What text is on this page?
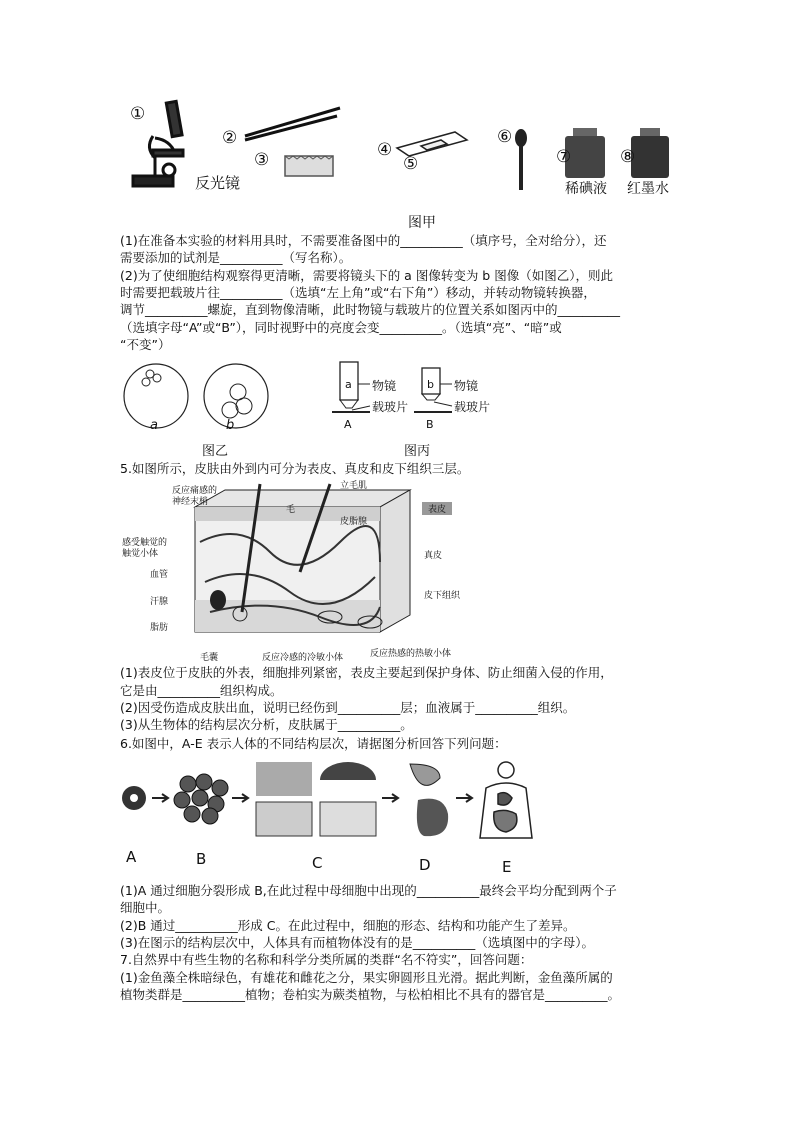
①
②
③	④
⑤
⑥
⑦	⑧
反光镜	稀碘液 红墨水
图甲
(1)在准备本实验的材料用具时，不需要准备图中的__________（填序号，全对给分），还
需要添加的试剂是__________（写名称）。
(2)为了使细胞结构观察得更清晰，需要将镜头下的 a 图像转变为 b 图像（如图乙），则此
时需要把载玻片往__________（选填“左上角”或“右下角”）移动，并转动物镜转换器，
调节__________螺旋，直到物像清晰，此时物镜与载玻片的位置关系如图丙中的__________
（选填字母“A”或“B”），同时视野中的亮度会变__________。（选填“亮”、“暗”或
“不变”）
a	b
图乙
a	b
物镜
载玻片
物镜
载玻片
A	B
图丙
5.如图所示，皮肤由外到内可分为表皮、真皮和皮下组织三层。
反应痛感的神经末梢
立毛肌
毛
皮脂腺
表皮
感受触觉的触觉小体
血管
汗腺
脂肪
真皮
皮下组织
毛囊	反应冷感的冷敏小体	反应热感的热敏小体
(1)表皮位于皮肤的外表，细胞排列紧密，表皮主要起到保护身体、防止细菌入侵的作用，
它是由__________组织构成。
(2)因受伤造成皮肤出血，说明已经伤到__________层；血液属于__________组织。
(3)从生物体的结构层次分析，皮肤属于__________。
6.如图中，A-E 表示人体的不同结构层次，请据图分析回答下列问题：
A	B	C	D	E
(1)A 通过细胞分裂形成 B,在此过程中母细胞中出现的__________最终会平均分配到两个子
细胞中。
(2)B 通过__________形成 C。在此过程中，细胞的形态、结构和功能产生了差异。
(3)在图示的结构层次中，人体具有而植物体没有的是__________（选填图中的字母）。
7.自然界中有些生物的名称和科学分类所属的类群“名不符实”，回答问题：
(1)金鱼藻全株暗绿色，有雄花和雌花之分，果实卵圆形且光滑。据此判断，金鱼藻所属的
植物类群是__________植物；卷柏实为蕨类植物，与松柏相比不具有的器官是__________。
